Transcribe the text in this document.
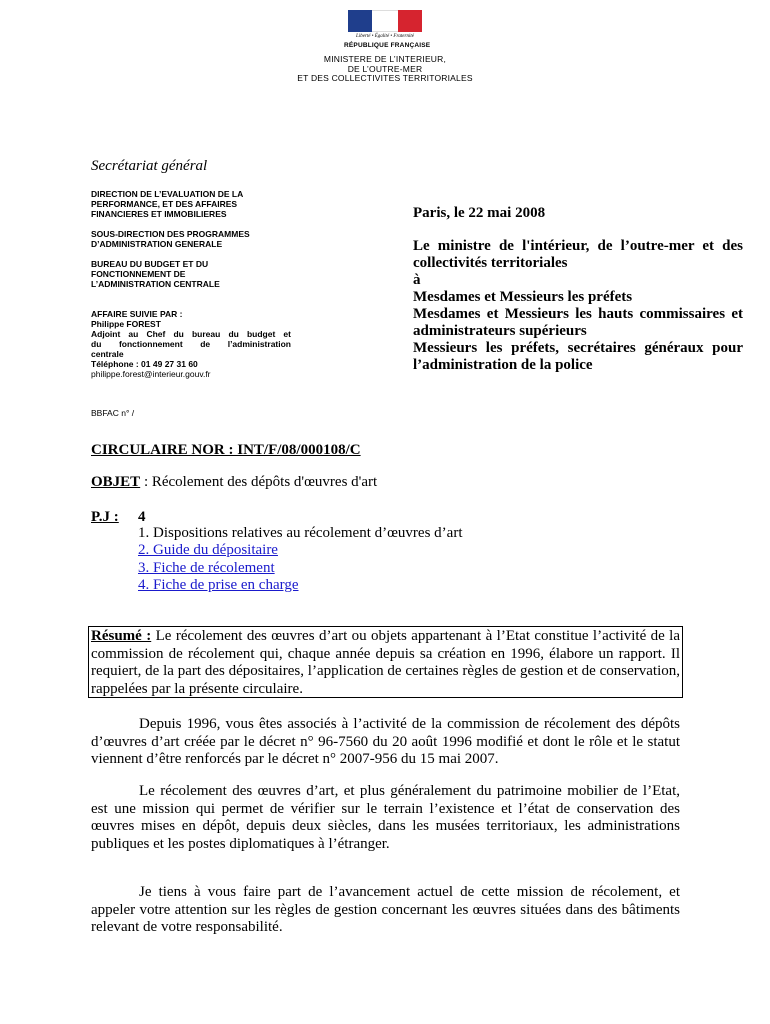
Liberté • Égalité • Fraternité
RÉPUBLIQUE FRANÇAISE
MINISTERE DE L’INTERIEUR,
DE L’OUTRE-MER
ET DES COLLECTIVITES TERRITORIALES
Secrétariat général
DIRECTION DE L’EVALUATION DE LA
PERFORMANCE, ET DES AFFAIRES
FINANCIERES ET IMMOBILIERES
SOUS-DIRECTION DES PROGRAMMES
D’ADMINISTRATION GENERALE
BUREAU DU BUDGET ET DU
FONCTIONNEMENT DE
L’ADMINISTRATION CENTRALE
AFFAIRE SUIVIE PAR :
Philippe FOREST
Adjoint au Chef du bureau du budget et
du fonctionnement de l’administration
centrale
Téléphone : 01 49 27 31 60
philippe.forest@interieur.gouv.fr
BBFAC n° /
Paris, le 22 mai 2008
Le ministre de l'intérieur, de l’outre-mer et des
collectivités territoriales
à
Mesdames et Messieurs les préfets
Mesdames et Messieurs les hauts commissaires et
administrateurs supérieurs
Messieurs les préfets, secrétaires généraux pour
l’administration de la police
CIRCULAIRE NOR : INT/F/08/000108/C
OBJET : Récolement des dépôts d'œuvres d'art
P.J : 4
1. Dispositions relatives au récolement d’œuvres d’art
2. Guide du dépositaire
3. Fiche de récolement
4. Fiche de prise en charge
Résumé : Le récolement des œuvres d’art ou objets appartenant à l’Etat constitue l’activité de la commission de récolement qui, chaque année depuis sa création en 1996, élabore un rapport. Il requiert, de la part des dépositaires, l’application de certaines règles de gestion et de conservation, rappelées par la présente circulaire.
Depuis 1996, vous êtes associés à l’activité de la commission de récolement des dépôts d’œuvres d’art créée par le décret n° 96-7560 du 20 août 1996 modifié et dont le rôle et le statut viennent d’être renforcés par le décret n° 2007-956 du 15 mai 2007.
Le récolement des œuvres d’art, et plus généralement du patrimoine mobilier de l’Etat, est une mission qui permet de vérifier sur le terrain l’existence et l’état de conservation des œuvres mises en dépôt, depuis deux siècles, dans les musées territoriaux, les administrations publiques et les postes diplomatiques à l’étranger.
Je tiens à vous faire part de l’avancement actuel de cette mission de récolement, et appeler votre attention sur les règles de gestion concernant les œuvres situées dans des bâtiments relevant de votre responsabilité.
